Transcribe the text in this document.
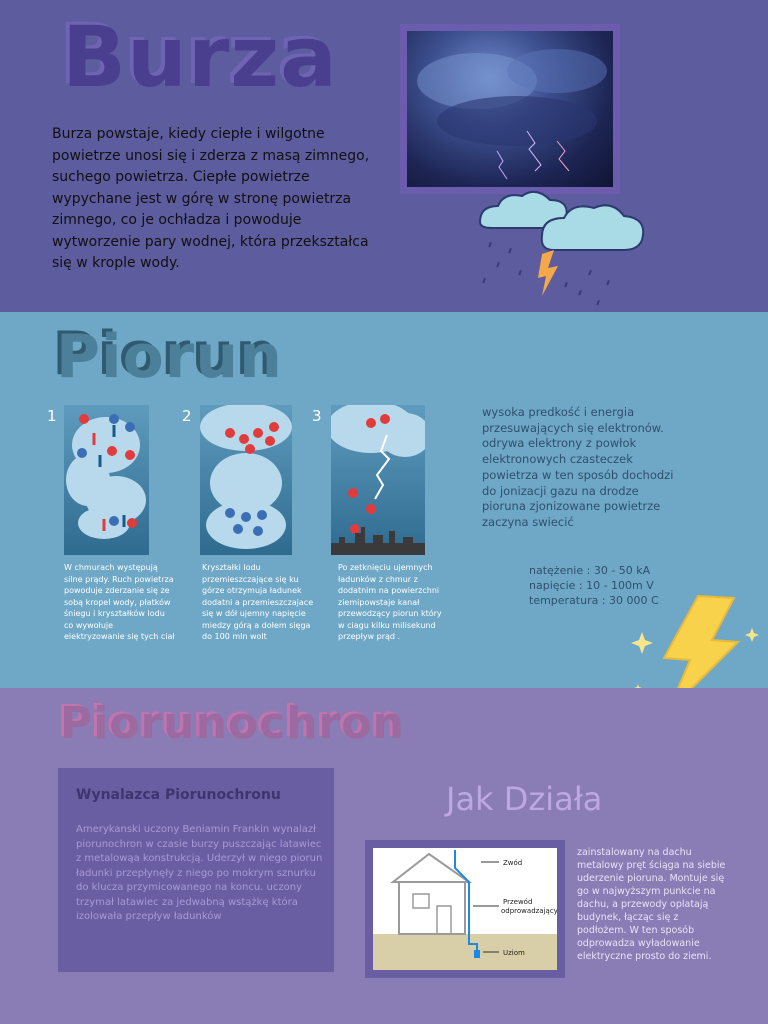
Burza
Burza powstaje, kiedy ciepłe i wilgotne powietrze unosi się i zderza z masą zimnego, suchego powietrza. Ciepłe powietrze wypychane jest w górę w stronę powietrza zimnego, co je ochładza i powoduje wytworzenie pary wodnej, która przekształca się w krople wody.
Piorun
1
W chmurach występują silne prądy. Ruch powietrza powoduje zderzanie się ze sobą kropel wody, płatków śniegu i kryształków lodu co wywołuje elektryzowanie się tych ciał
2
Kryształki lodu przemieszczające się ku górze otrzymuja ładunek dodatni a przemieszczajace się w dół ujemny napięcie miedzy górą a dołem sięga do 100 mln wolt
3
Po zetknięciu ujemnych ładunków z chmur z dodatnim na powierzchni ziemipowstaje kanał przewodzący piorun który w ciagu kilku milisekund przepływ prąd .
wysoka predkość i energia przesuwających się elektronów. odrywa elektrony z powłok elektronowych czasteczek powietrza w ten sposób dochodzi do jonizacji gazu na drodze pioruna zjonizowane powietrze zaczyna swiecić
natężenie : 30 - 50 kA
napięcie : 10 - 100m V
temperatura : 30 000 C
Piorunochron
Wynalazca Piorunochronu
Amerykanski uczony Beniamin Frankin wynalazł piorunochron w czasie burzy puszczając latawiec z metalowąa konstrukcją. Uderzył w niego piorun ładunki przepłynęły z niego po mokrym sznurku do klucza przymicowanego na koncu. uczony trzymał latawiec za jedwabną wstążkę która izolowała przepływ ładunków
Jak Działa
Zwód
Przewód
odprowadzający
Uziom
zainstalowany na dachu metalowy pręt ściąga na siebie uderzenie pioruna. Montuje się go w najwyższym punkcie na dachu, a przewody oplatają budynek, łącząc się z podłożem. W ten sposób odprowadza wyładowanie elektryczne prosto do ziemi.
